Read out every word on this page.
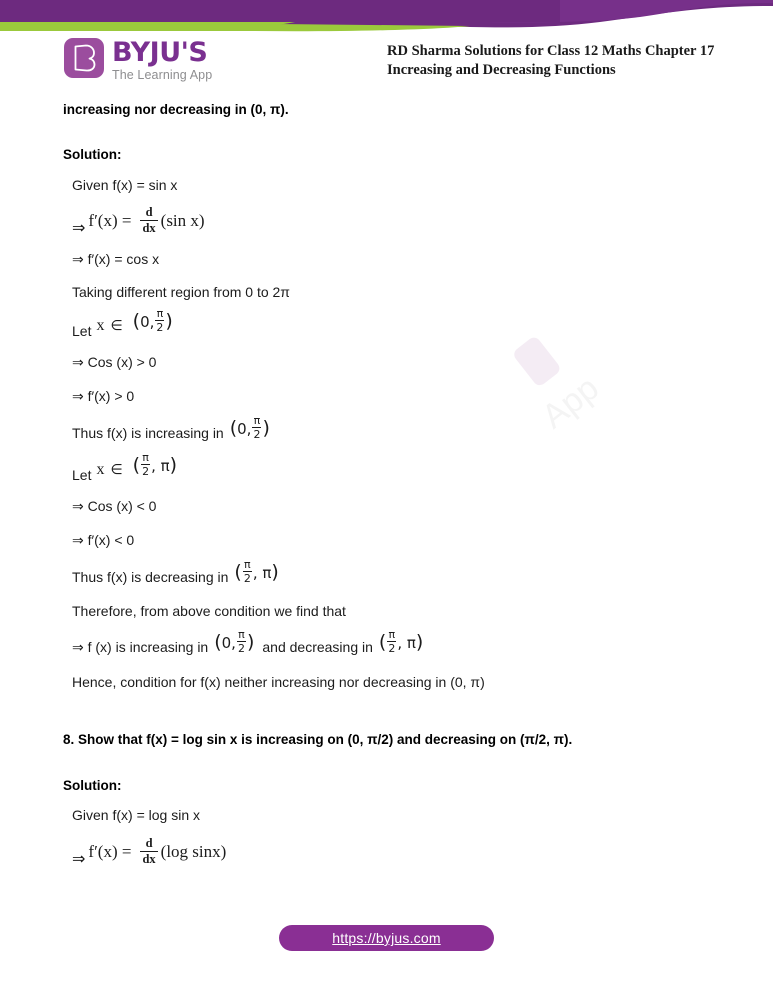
BYJU'S
The Learning App
RD Sharma Solutions for Class 12 Maths Chapter 17
Increasing and Decreasing Functions
App
increasing nor decreasing in (0, π).
Solution:
Given f(x) = sin x
⇒ $f'(x) = \frac{d}{dx} (\sin$ x)
⇒ f′(x) = cos x
Taking different region from 0 to 2π
Let x ∈ ( 0, $\frac{\pi}{2}$ )
⇒ Cos (x) > 0
⇒ f′(x) > 0
Thus f(x) is increasing in ( 0, $\frac{\pi}{2}$ )
Let x ∈ ( $\frac{\pi}{2}$ , π )
⇒ Cos (x) < 0
⇒ f′(x) < 0
Thus f(x) is decreasing in ( $\frac{\pi}{2}$ , π )
Therefore, from above condition we find that
⇒ f (x) is increasing in ( 0, $\frac{\pi}{2}$ ) and decreasing in ( $\frac{\pi}{2}$ , π )
Hence, condition for f(x) neither increasing nor decreasing in (0, π)
8. Show that f(x) = log sin x is increasing on (0, π/2) and decreasing on (π/2, π).
Solution:
Given f(x) = log sin x
⇒ $f'(x) = \frac{d}{dx} (\log$ sinx)
https://byjus.com
